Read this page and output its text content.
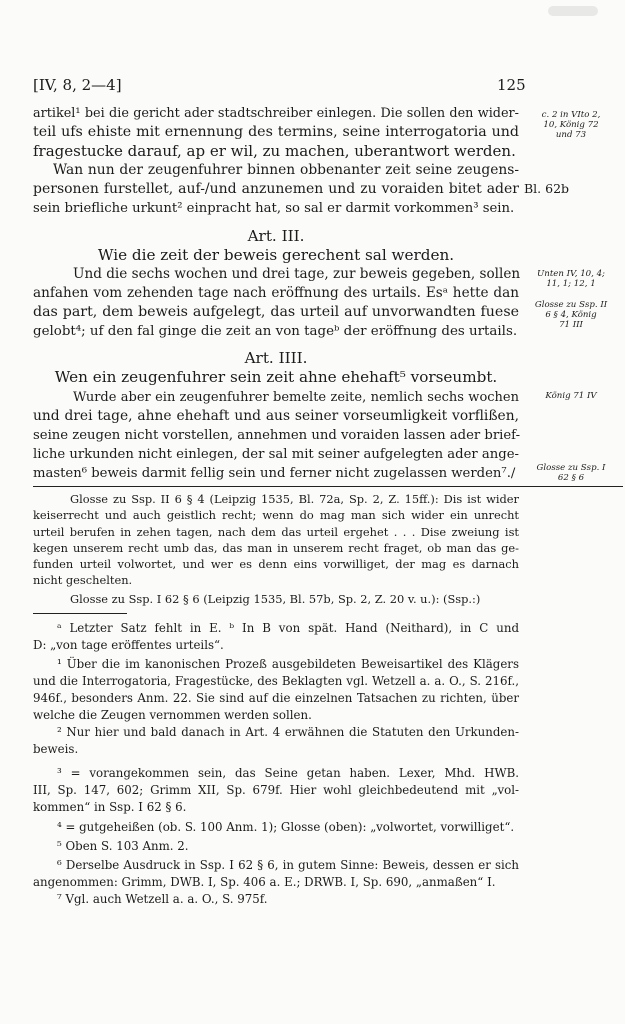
[IV, 8, 2—4]	125
artikel¹ bei die gericht ader stadtschreiber einlegen. Die sollen den wider-
teil ufs ehiste mit ernennung des termins, seine interrogatoria und
fragestucke darauf, ap er wil, zu machen, uberantwort werden.
Wan nun der zeugenfuhrer binnen obbenanter zeit seine zeugens-
personen furstellet, auf-/und anzunemen und zu voraiden bitet ader
sein briefliche urkunt² einpracht hat, so sal er darmit vorkommen³ sein.
Art. III.
Wie die zeit der beweis gerechent sal werden.
Und die sechs wochen und drei tage, zur beweis gegeben, sollen
anfahen vom zehenden tage nach eröffnung des urtails. Esᵃ hette dan
das part, dem beweis aufgelegt, das urteil auf unvorwandten fuese
gelobt⁴; uf den fal ginge die zeit an von tageᵇ der eröffnung des urtails.
Art. IIII.
Wen ein zeugenfuhrer sein zeit ahne ehehaft⁵ vorseumbt.
Wurde aber ein zeugenfuhrer bemelte zeite, nemlich sechs wochen
und drei tage, ahne ehehaft und aus seiner vorseumligkeit vorflißen,
seine zeugen nicht vorstellen, annehmen und voraiden lassen ader brief-
liche urkunden nicht einlegen, der sal mit seiner aufgelegten ader ange-
masten⁶ beweis darmit fellig sein und ferner nicht zugelassen werden⁷./
c. 2 in VIto 2,
10, König 72
und 73
Bl. 62b
Unten IV, 10, 4;
11, 1; 12, 1
Glosse zu Ssp. II
6 § 4, König
71 III
König 71 IV
Glosse zu Ssp. I
62 § 6
Glosse zu Ssp. II 6 § 4 (Leipzig 1535, Bl. 72a, Sp. 2, Z. 15ff.): Dis ist wider
keiserrecht und auch geistlich recht; wenn do mag man sich wider ein unrecht
urteil berufen in zehen tagen, nach dem das urteil ergehet . . . Dise zweiung ist
kegen unserem recht umb das, das man in unserem recht fraget, ob man das ge-
funden urteil volwortet, und wer es denn eins vorwilliget, der mag es darnach
nicht geschelten.
Glosse zu Ssp. I 62 § 6 (Leipzig 1535, Bl. 57b, Sp. 2, Z. 20 v. u.): (Ssp.:)
ᵃ Letzter Satz fehlt in E. ᵇ In B von spät. Hand (Neithard), in C und
D: „von tage eröffentes urteils“.
¹ Über die im kanonischen Prozeß ausgebildeten Beweisartikel des Klägers
und die Interrogatoria, Fragestücke, des Beklagten vgl. Wetzell a. a. O., S. 216f.,
946f., besonders Anm. 22. Sie sind auf die einzelnen Tatsachen zu richten, über
welche die Zeugen vernommen werden sollen.
² Nur hier und bald danach in Art. 4 erwähnen die Statuten den Urkunden-
beweis.
³ = vorangekommen sein, das Seine getan haben. Lexer, Mhd. HWB.
III, Sp. 147, 602; Grimm XII, Sp. 679f. Hier wohl gleichbedeutend mit „vol-
kommen“ in Ssp. I 62 § 6.
⁴ = gutgeheißen (ob. S. 100 Anm. 1); Glosse (oben): „volwortet, vorwilliget“.
⁵ Oben S. 103 Anm. 2.
⁶ Derselbe Ausdruck in Ssp. I 62 § 6, in gutem Sinne: Beweis, dessen er sich
angenommen: Grimm, DWB. I, Sp. 406 a. E.; DRWB. I, Sp. 690, „anmaßen“ I.
⁷ Vgl. auch Wetzell a. a. O., S. 975f.
